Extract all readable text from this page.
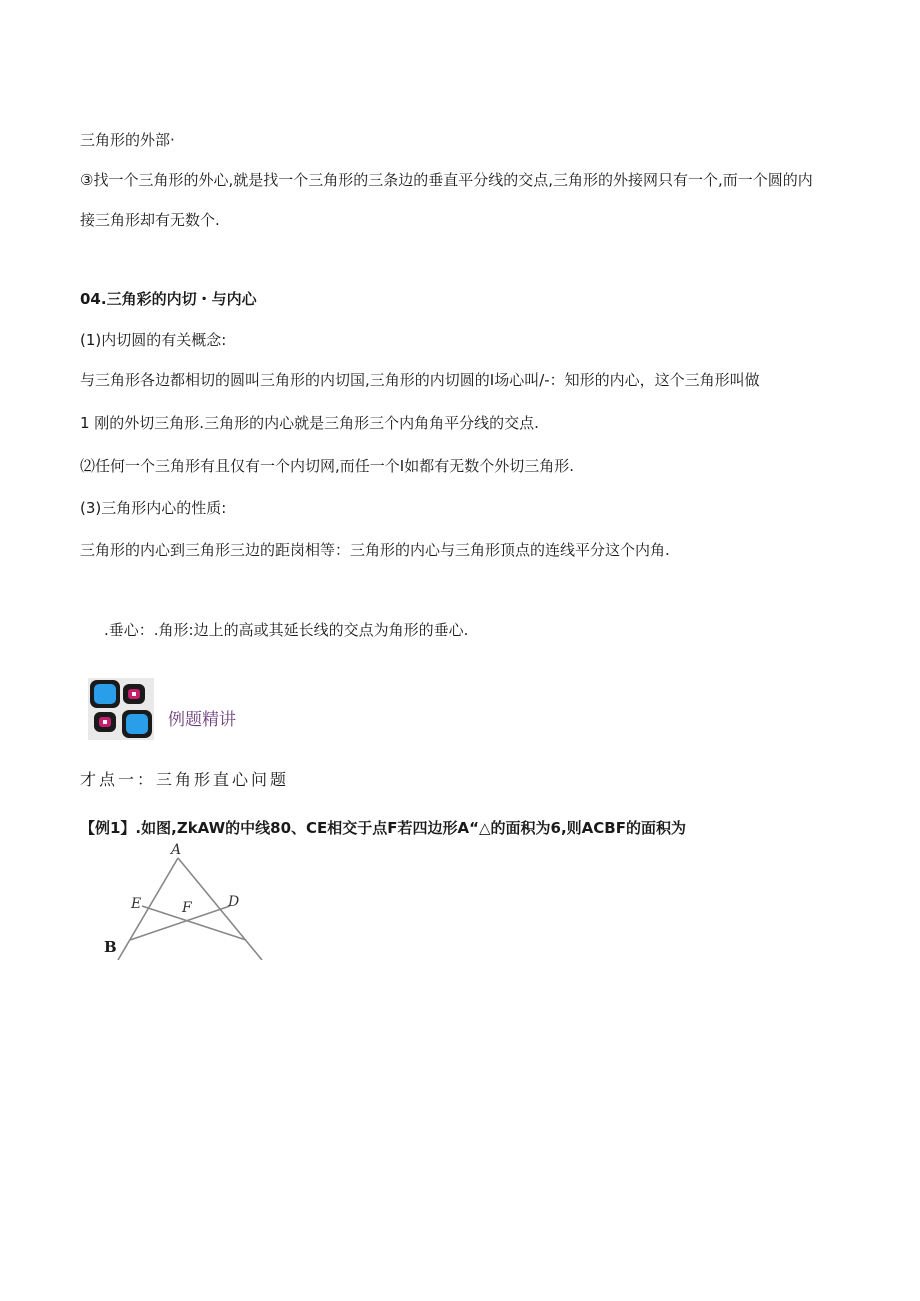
三角形的外部·
③找一个三角形的外心,就是找一个三角形的三条边的垂直平分线的交点,三角形的外接网只有一个,而一个圆的内
接三角形却有无数个.
04.三角彩的内切・与内心
(1)内切圆的有关概念:
与三角形各边都相切的圆叫三角形的内切国,三角形的内切圆的I场心叫/-：知形的内心，这个三角形叫做
1 刚的外切三角形.三角形的内心就是三角形三个内角角平分线的交点.
⑵任何一个三角形有且仅有一个内切网,而任一个I如都有无数个外切三角形.
(3)三角形内心的性质:
三角形的内心到三角形三边的距岗相等：三角形的内心与三角形顶点的连线平分这个内角.
.垂心：.角形:边上的高或其延长线的交点为角形的垂心.
例题精讲
才点一：三角形直心问题
【例1】.如图,ZkAW的中线80、CE相交于点F若四边形A“△的面积为6,则ACBF的面积为
A
E	F	D
B
